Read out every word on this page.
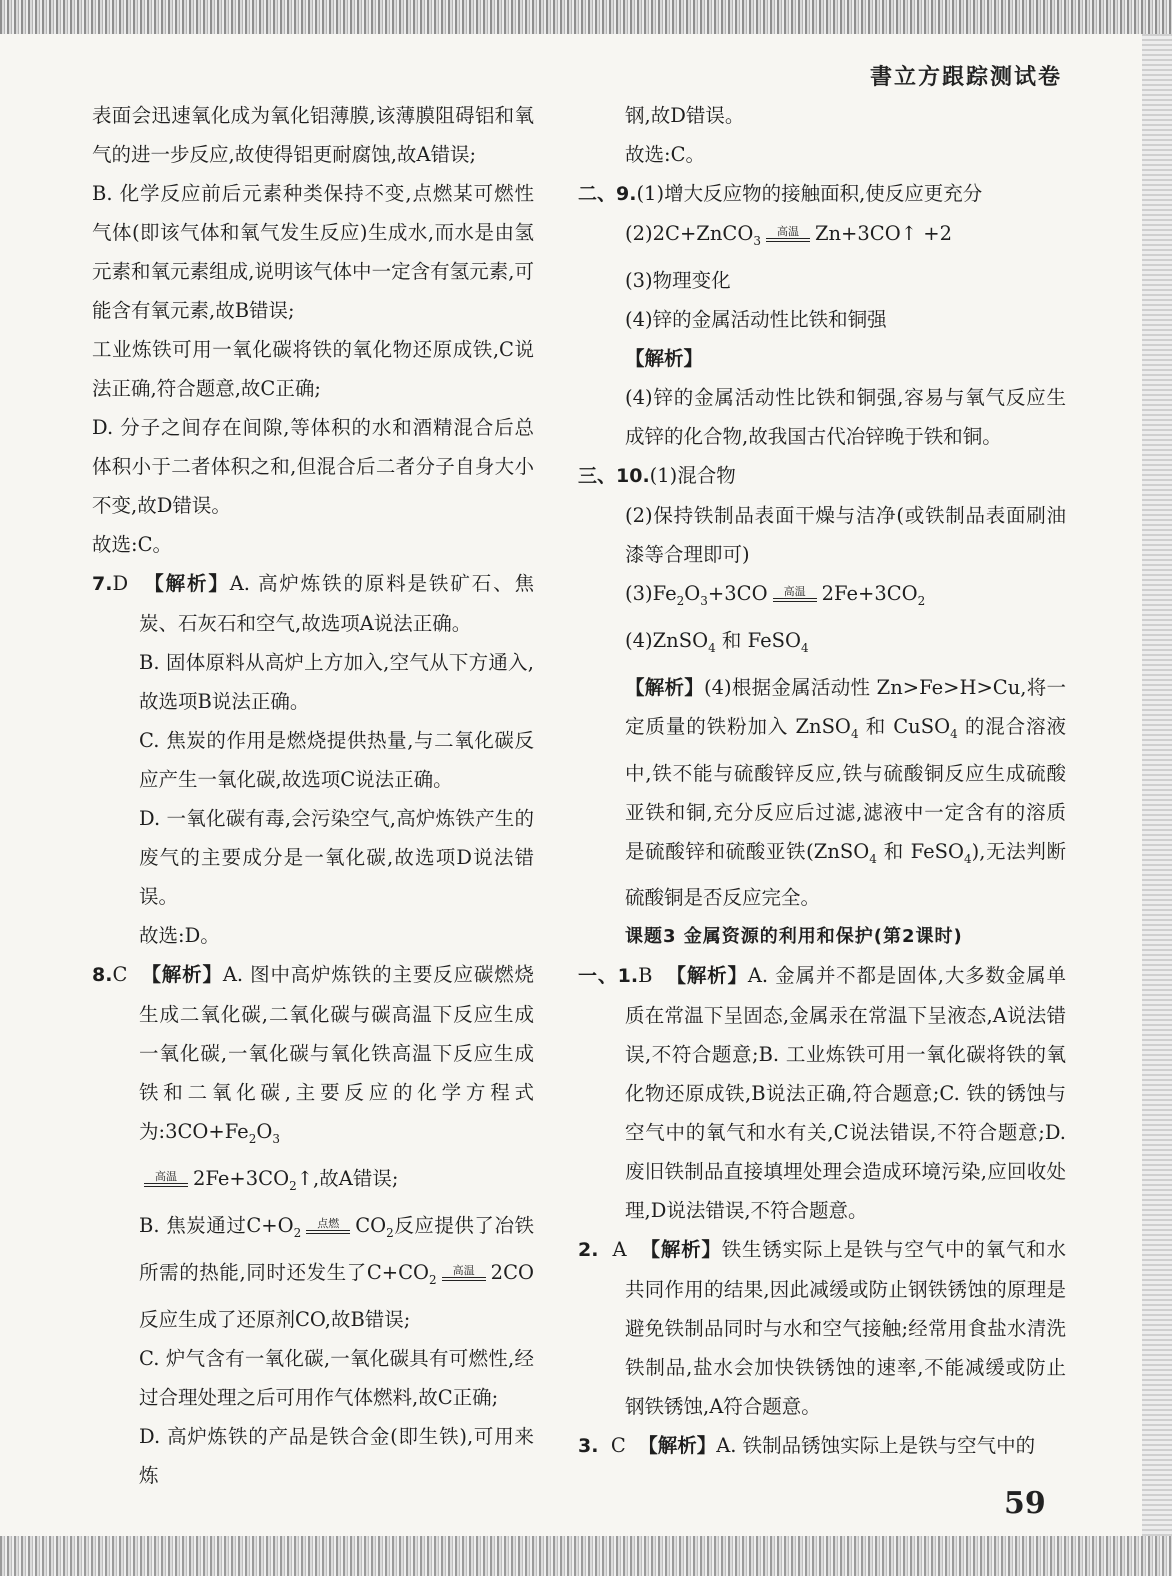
書立方跟踪测试卷

表面会迅速氧化成为氧化铝薄膜,该薄膜阻碍铝和氧气的进一步反应,故使得铝更耐腐蚀,故A错误;

B. 化学反应前后元素种类保持不变,点燃某可燃性气体(即该气体和氧气发生反应)生成水,而水是由氢元素和氧元素组成,说明该气体中一定含有氢元素,可能含有氧元素,故B错误;

工业炼铁可用一氧化碳将铁的氧化物还原成铁,C说法正确,符合题意,故C正确;

D. 分子之间存在间隙,等体积的水和酒精混合后总体积小于二者体积之和,但混合后二者分子自身大小不变,故D错误。

故选:C。

7.D 【解析】A. 高炉炼铁的原料是铁矿石、焦炭、石灰石和空气,故选项A说法正确。

B. 固体原料从高炉上方加入,空气从下方通入,故选项B说法正确。

C. 焦炭的作用是燃烧提供热量,与二氧化碳反应产生一氧化碳,故选项C说法正确。

D. 一氧化碳有毒,会污染空气,高炉炼铁产生的废气的主要成分是一氧化碳,故选项D说法错误。

故选:D。

8.C 【解析】A. 图中高炉炼铁的主要反应碳燃烧生成二氧化碳,二氧化碳与碳高温下反应生成一氧化碳,一氧化碳与氧化铁高温下反应生成铁和二氧化碳,主要反应的化学方程式为$:3CO+Fe_2O_3$

高温 $2Fe+3CO_2↑$,故A错误;

B. 焦炭通过$C+O_2$
点燃 $CO_2$反应提供了冶铁所需的热能,同时还发生了$C+CO_2$
高温 2CO反应生成了还原剂CO,故B错误;

C. 炉气含有一氧化碳,一氧化碳具有可燃性,经过合理处理之后可用作气体燃料,故C正确;

D. 高炉炼铁的产品是铁合金(即生铁),可用来炼

钢,故D错误。

故选:C。

二、9.(1)增大反应物的接触面积,使反应更充分

(2)2C+ZnCO$_3$
高温 Zn+3CO↑ +2

(3)物理变化

(4)锌的金属活动性比铁和铜强

【解析】

(4)锌的金属活动性比铁和铜强,容易与氧气反应生成锌的化合物,故我国古代冶锌晚于铁和铜。

三、10.(1)混合物

(2)保持铁制品表面干燥与洁净(或铁制品表面刷油漆等合理即可)

$(3)Fe_2O_3+3CO$	高温 $2Fe+3CO_2$

(4)ZnSO$_4$ 和 FeSO$_4$

【解析】(4)根据金属活动性 Zn>Fe>H>Cu,将一定质量的铁粉加入 ZnSO$_4$ 和 CuSO$_4$ 的混合溶液中,铁不能与硫酸锌反应,铁与硫酸铜反应生成硫酸亚铁和铜,充分反应后过滤,滤液中一定含有的溶质是硫酸锌和硫酸亚铁(ZnSO$_4$ 和 FeSO$_4$),无法判断硫酸铜是否反应完全。

课题3 金属资源的利用和保护(第2课时)

一、1.B 【解析】A. 金属并不都是固体,大多数金属单质在常温下呈固态,金属汞在常温下呈液态,A说法错误,不符合题意;B. 工业炼铁可用一氧化碳将铁的氧化物还原成铁,B说法正确,符合题意;C. 铁的锈蚀与空气中的氧气和水有关,C说法错误,不符合题意;D. 废旧铁制品直接填埋处理会造成环境污染,应回收处理,D说法错误,不符合题意。

2. A 【解析】铁生锈实际上是铁与空气中的氧气和水共同作用的结果,因此减缓或防止钢铁锈蚀的原理是避免铁制品同时与水和空气接触;经常用食盐水清洗铁制品,盐水会加快铁锈蚀的速率,不能减缓或防止钢铁锈蚀,A符合题意。

3. C 【解析】A. 铁制品锈蚀实际上是铁与空气中的

59
